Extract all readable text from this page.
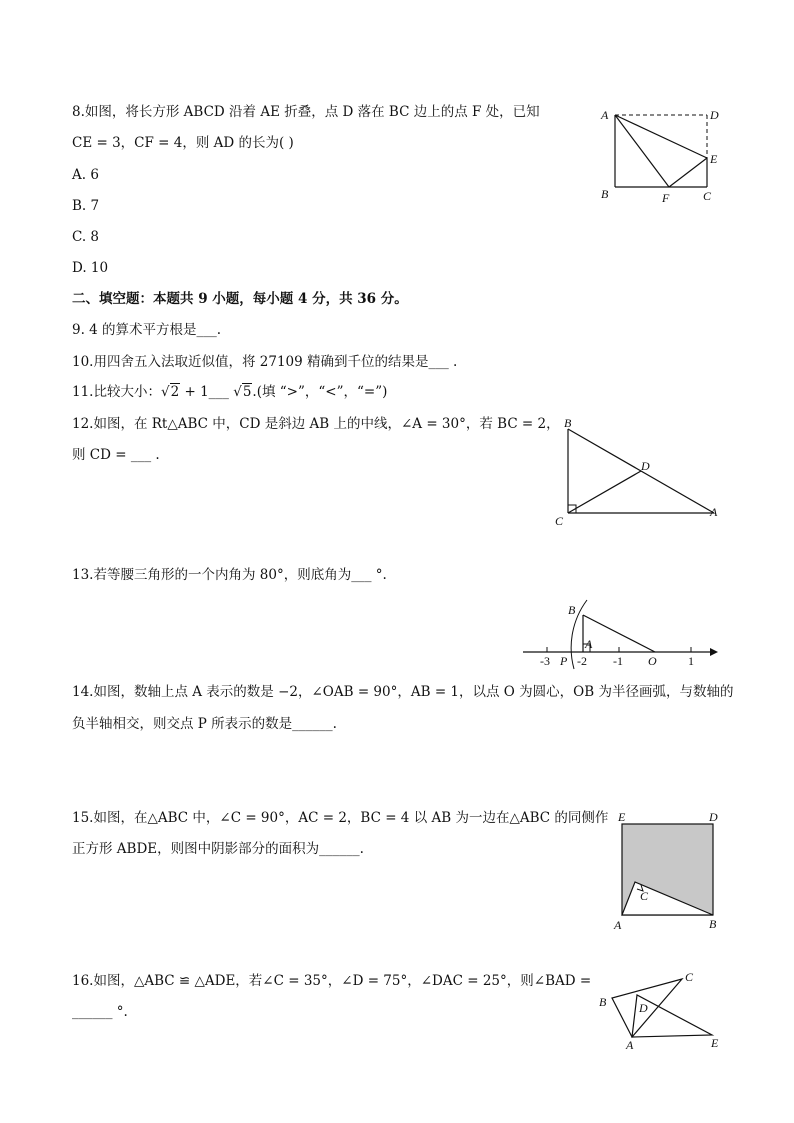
8.如图，将长方形 ABCD 沿着 AE 折叠，点 D 落在 BC 边上的点 F 处，已知
CE = 3，CF = 4，则 AD 的长为( )
A. 6
B. 7
C. 8
D. 10
A	D
E
B	F	C
二、填空题：本题共 9 小题，每小题 4 分，共 36 分。
9. 4 的算术平方根是___.
10.用四舍五入法取近似值，将 27109 精确到千位的结果是___ .
11.比较大小：√2 + 1___ √5.(填 “>”，“<”，“=”)
12.如图，在 Rt△ABC 中，CD 是斜边 AB 上的中线，∠A = 30°，若 BC = 2，
则 CD = ___ .
B
D
C
A
13.若等腰三角形的一个内角为 80°，则底角为___ °.
B
A
-3 P -2 -1 O	1
14.如图，数轴上点 A 表示的数是 −2，∠OAB = 90°，AB = 1，以点 O 为圆心，OB 为半径画弧，与数轴的
负半轴相交，则交点 P 所表示的数是______.
15.如图，在△ABC 中，∠C = 90°，AC = 2，BC = 4 以 AB 为一边在△ABC 的同侧作
正方形 ABDE，则图中阴影部分的面积为______.
E	D
C
A	B
16.如图，△ABC ≌ △ADE，若∠C = 35°，∠D = 75°，∠DAC = 25°，则∠BAD =
______ °.
C
B	D
A	E
